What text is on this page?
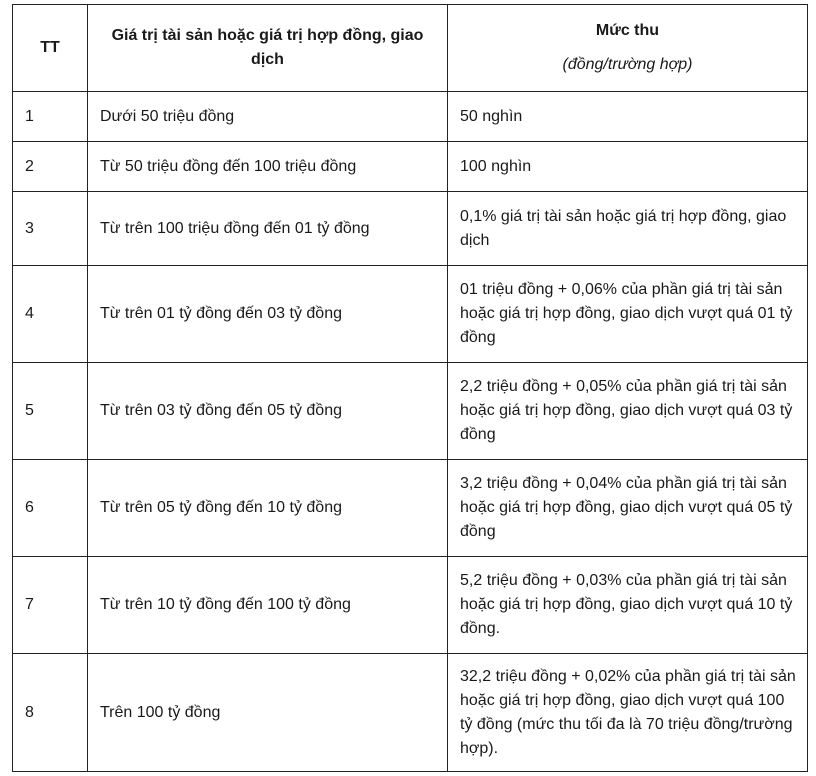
TT	Giá trị tài sản hoặc giá trị hợp đồng, giao dịch	Mức thu
(đồng/trường hợp)

1	Dưới 50 triệu đồng	50 nghìn
2	Từ 50 triệu đồng đến 100 triệu đồng	100 nghìn
3	Từ trên 100 triệu đồng đến 01 tỷ đồng	0,1% giá trị tài sản hoặc giá trị hợp đồng, giao dịch
4	Từ trên 01 tỷ đồng đến 03 tỷ đồng	01 triệu đồng + 0,06% của phần giá trị tài sản hoặc giá trị hợp đồng, giao dịch vượt quá 01 tỷ đồng
5	Từ trên 03 tỷ đồng đến 05 tỷ đồng	2,2 triệu đồng + 0,05% của phần giá trị tài sản hoặc giá trị hợp đồng, giao dịch vượt quá 03 tỷ đồng
6	Từ trên 05 tỷ đồng đến 10 tỷ đồng	3,2 triệu đồng + 0,04% của phần giá trị tài sản hoặc giá trị hợp đồng, giao dịch vượt quá 05 tỷ đồng
7	Từ trên 10 tỷ đồng đến 100 tỷ đồng	5,2 triệu đồng + 0,03% của phần giá trị tài sản hoặc giá trị hợp đồng, giao dịch vượt quá 10 tỷ đồng.
8	Trên 100 tỷ đồng	32,2 triệu đồng + 0,02% của phần giá trị tài sản hoặc giá trị hợp đồng, giao dịch vượt quá 100 tỷ đồng (mức thu tối đa là 70 triệu đồng/trường hợp).
